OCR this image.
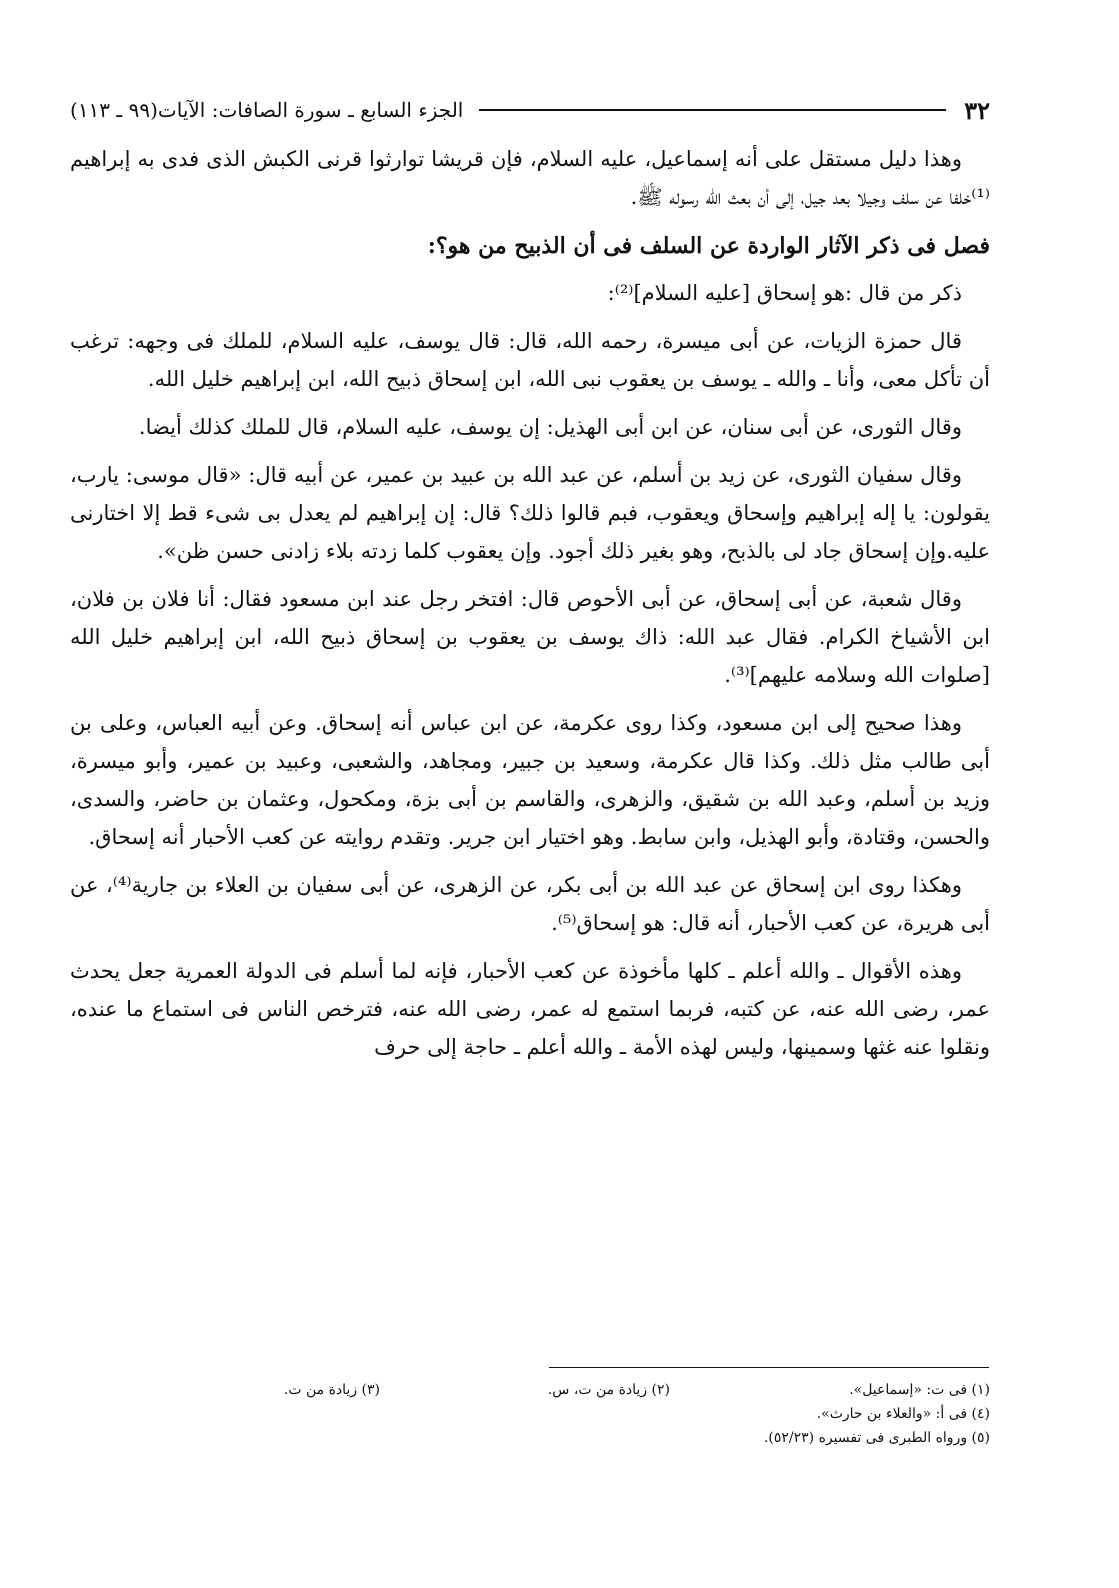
٣٢
الجزء السابع ـ سورة الصافات: الآيات(٩٩ ـ ١١٣)

وهذا دليل مستقل على أنه إسماعيل، عليه السلام، فإن قريشا توارثوا قرنى الكبش الذى فدى به إبراهيم ⁽¹⁾خلفا عن سلف وجيلا بعد جيل، إلى أن بعث الله رسوله ﷺ.

فصل فى ذكر الآثار الواردة عن السلف فى أن الذبيح من هو؟:

ذكر من قال :هو إسحاق [عليه السلام]⁽²⁾:

قال حمزة الزيات، عن أبى ميسرة، رحمه الله، قال: قال يوسف، عليه السلام، للملك فى وجهه: ترغب أن تأكل معى، وأنا ـ والله ـ يوسف بن يعقوب نبى الله، ابن إسحاق ذبيح الله، ابن إبراهيم خليل الله.

وقال الثورى، عن أبى سنان، عن ابن أبى الهذيل: إن يوسف، عليه السلام، قال للملك كذلك أيضا.

وقال سفيان الثورى، عن زيد بن أسلم، عن عبد الله بن عبيد بن عمير، عن أبيه قال: «قال موسى: يارب، يقولون: يا إله إبراهيم وإسحاق ويعقوب، فبم قالوا ذلك؟ قال: إن إبراهيم لم يعدل بى شىء قط إلا اختارنى عليه.وإن إسحاق جاد لى بالذبح، وهو بغير ذلك أجود. وإن يعقوب كلما زدته بلاء زادنى حسن ظن».

وقال شعبة، عن أبى إسحاق، عن أبى الأحوص قال: افتخر رجل عند ابن مسعود فقال: أنا فلان بن فلان، ابن الأشياخ الكرام. فقال عبد الله: ذاك يوسف بن يعقوب بن إسحاق ذبيح الله، ابن إبراهيم خليل الله [صلوات الله وسلامه عليهم]⁽³⁾.

وهذا صحيح إلى ابن مسعود، وكذا روى عكرمة، عن ابن عباس أنه إسحاق. وعن أبيه العباس، وعلى بن أبى طالب مثل ذلك. وكذا قال عكرمة، وسعيد بن جبير، ومجاهد، والشعبى، وعبيد بن عمير، وأبو ميسرة، وزيد بن أسلم، وعبد الله بن شقيق، والزهرى، والقاسم بن أبى بزة، ومكحول، وعثمان بن حاضر، والسدى، والحسن، وقتادة، وأبو الهذيل، وابن سابط. وهو اختيار ابن جرير. وتقدم روايته عن كعب الأحبار أنه إسحاق.

وهكذا روى ابن إسحاق عن عبد الله بن أبى بكر، عن الزهرى، عن أبى سفيان بن العلاء بن جارية⁽⁴⁾، عن أبى هريرة، عن كعب الأحبار، أنه قال: هو إسحاق⁽⁵⁾.

وهذه الأقوال ـ والله أعلم ـ كلها مأخوذة عن كعب الأحبار، فإنه لما أسلم فى الدولة العمرية جعل يحدث عمر، رضى الله عنه، عن كتبه، فربما استمع له عمر، رضى الله عنه، فترخص الناس فى استماع ما عنده، ونقلوا عنه غثها وسمينها، وليس لهذه الأمة ـ والله أعلم ـ حاجة إلى حرف

(١) فى ت: «إسماعيل».
(٢) زيادة من ت، س.
(٣) زيادة من ت.
(٤) فى أ: «والعلاء بن حارث».
(٥) ورواه الطبرى فى تفسيره (٥٢/٢٣).
